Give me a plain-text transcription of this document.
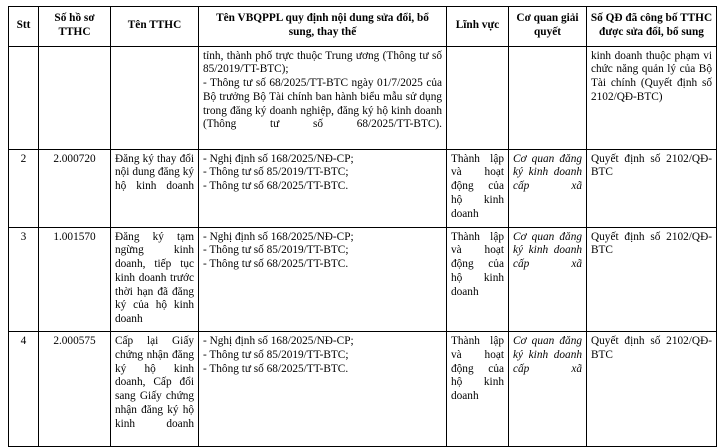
Stt	Số hồ sơ TTHC	Tên TTHC	Tên VBQPPL quy định nội dung sửa đổi, bổ sung, thay thế	Lĩnh vực	Cơ quan giải quyết	Số QĐ đã công bố TTHC được sửa đổi, bổ sung

			tỉnh, thành phố trực thuộc Trung ương (Thông tư số 85/2019/TT-BTC);
- Thông tư số 68/2025/TT-BTC ngày 01/7/2025 của Bộ trưởng Bộ Tài chính ban hành biểu mẫu sử dụng trong đăng ký doanh nghiệp, đăng ký hộ kinh doanh (Thông tư số 68/2025/TT-BTC).			kinh doanh thuộc phạm vi chức năng quản lý của Bộ Tài chính (Quyết định số 2102/QĐ-BTC)
2	2.000720	Đăng ký thay đổi nội dung đăng ký hộ kinh doanh	- Nghị định số 168/2025/NĐ-CP;
- Thông tư số 85/2019/TT-BTC;
- Thông tư số 68/2025/TT-BTC.	Thành lập và hoạt động của hộ kinh doanh	Cơ quan đăng ký kinh doanh cấp xã	Quyết định số 2102/QĐ-BTC
3	1.001570	Đăng ký tạm ngừng kinh doanh, tiếp tục kinh doanh trước thời hạn đã đăng ký của hộ kinh doanh	- Nghị định số 168/2025/NĐ-CP;
- Thông tư số 85/2019/TT-BTC;
- Thông tư số 68/2025/TT-BTC.	Thành lập và hoạt động của hộ kinh doanh	Cơ quan đăng ký kinh doanh cấp xã	Quyết định số 2102/QĐ-BTC
4	2.000575	Cấp lại Giấy chứng nhận đăng ký hộ kinh doanh, Cấp đổi sang Giấy chứng nhận đăng ký hộ kinh doanh	- Nghị định số 168/2025/NĐ-CP;
- Thông tư số 85/2019/TT-BTC;
- Thông tư số 68/2025/TT-BTC.	Thành lập và hoạt động của hộ kinh doanh	Cơ quan đăng ký kinh doanh cấp xã	Quyết định số 2102/QĐ-BTC
